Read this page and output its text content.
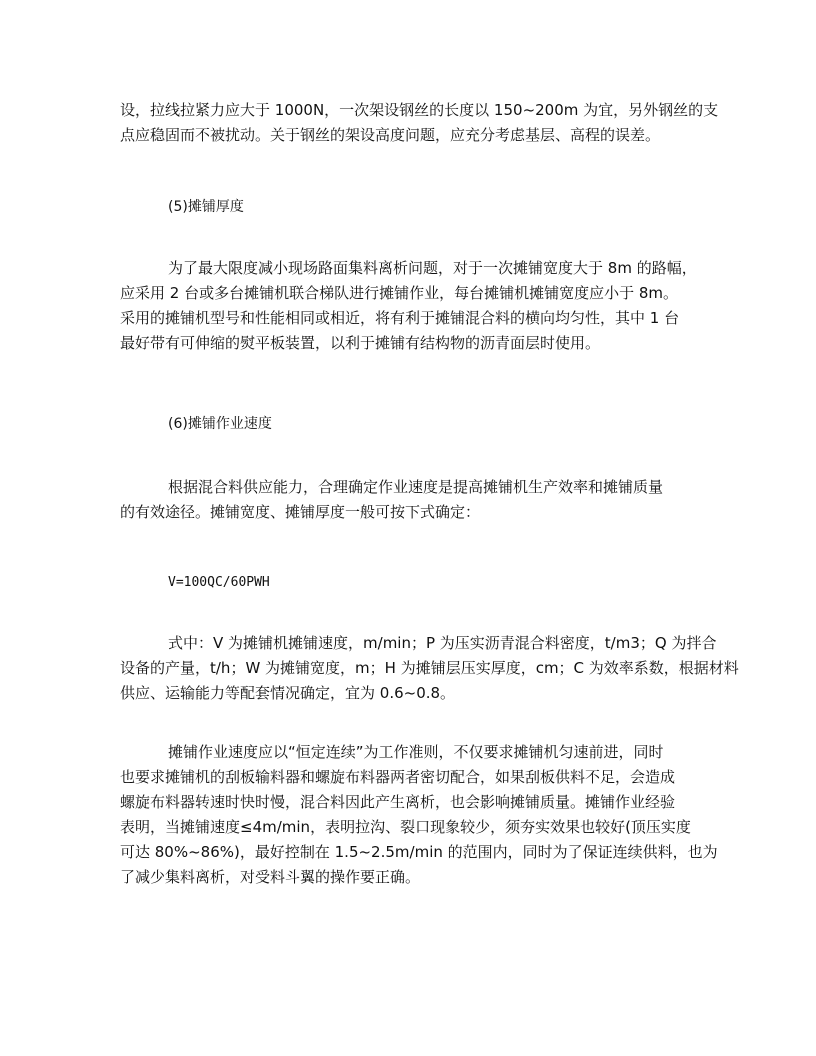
设，拉线拉紧力应大于 1000N，一次架设钢丝的长度以 150~200m 为宜，另外钢丝的支
点应稳固而不被扰动。关于钢丝的架设高度问题，应充分考虑基层、高程的误差。

(5)摊铺厚度

为了最大限度减小现场路面集料离析问题，对于一次摊铺宽度大于 8m 的路幅，
应采用 2 台或多台摊铺机联合梯队进行摊铺作业，每台摊铺机摊铺宽度应小于 8m。
采用的摊铺机型号和性能相同或相近，将有利于摊铺混合料的横向均匀性，其中 1 台
最好带有可伸缩的熨平板装置，以利于摊铺有结构物的沥青面层时使用。

(6)摊铺作业速度

根据混合料供应能力，合理确定作业速度是提高摊铺机生产效率和摊铺质量
的有效途径。摊铺宽度、摊铺厚度一般可按下式确定：

V=100QC/60PWH

式中：V 为摊铺机摊铺速度，m/min；P 为压实沥青混合料密度，t/m3；Q 为拌合
设备的产量，t/h；W 为摊铺宽度，m；H 为摊铺层压实厚度，cm；C 为效率系数，根据材料
供应、运输能力等配套情况确定，宜为 0.6~0.8。

摊铺作业速度应以“恒定连续”为工作准则，不仅要求摊铺机匀速前进，同时
也要求摊铺机的刮板输料器和螺旋布料器两者密切配合，如果刮板供料不足，会造成
螺旋布料器转速时快时慢，混合料因此产生离析，也会影响摊铺质量。摊铺作业经验
表明，当摊铺速度≤4m/min，表明拉沟、裂口现象较少，须夯实效果也较好(顶压实度
可达 80%~86%)，最好控制在 1.5~2.5m/min 的范围内，同时为了保证连续供料，也为
了减少集料离析，对受料斗翼的操作要正确。
